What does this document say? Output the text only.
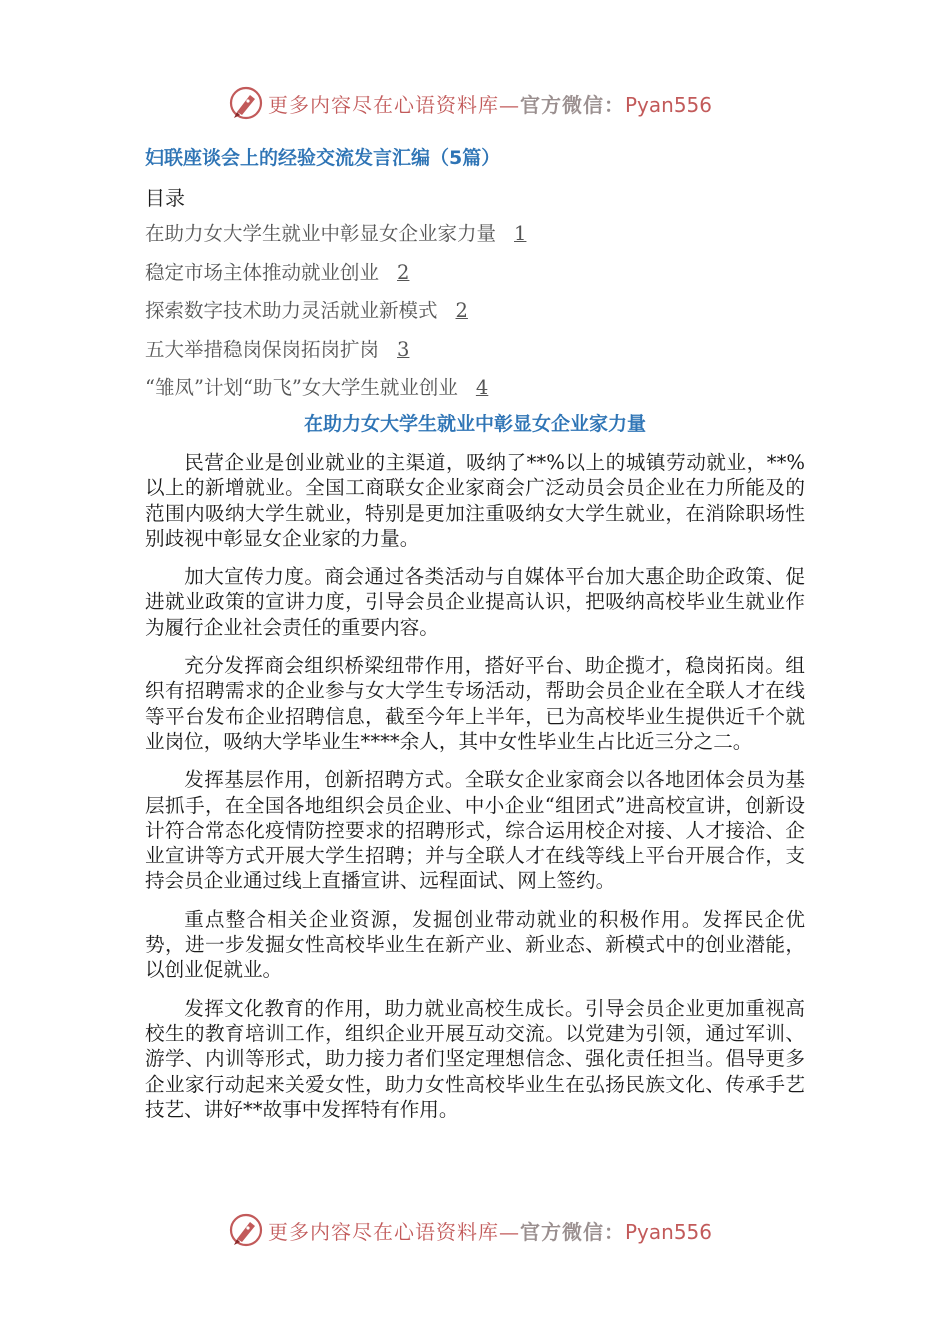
更多内容尽在心语资料库—官方微信：Pyan556
妇联座谈会上的经验交流发言汇编（5篇）
目录
在助力女大学生就业中彰显女企业家力量 1
稳定市场主体推动就业创业 2
探索数字技术助力灵活就业新模式 2
五大举措稳岗保岗拓岗扩岗 3
“雏凤”计划“助飞”女大学生就业创业 4
在助力女大学生就业中彰显女企业家力量

民营企业是创业就业的主渠道，吸纳了**%以上的城镇劳动就业，**%以上的新增就业。全国工商联女企业家商会广泛动员会员企业在力所能及的范围内吸纳大学生就业，特别是更加注重吸纳女大学生就业，在消除职场性别歧视中彰显女企业家的力量。

加大宣传力度。商会通过各类活动与自媒体平台加大惠企助企政策、促进就业政策的宣讲力度，引导会员企业提高认识，把吸纳高校毕业生就业作为履行企业社会责任的重要内容。

充分发挥商会组织桥梁纽带作用，搭好平台、助企揽才，稳岗拓岗。组织有招聘需求的企业参与女大学生专场活动，帮助会员企业在全联人才在线等平台发布企业招聘信息，截至今年上半年，已为高校毕业生提供近千个就业岗位，吸纳大学毕业生****余人，其中女性毕业生占比近三分之二。

发挥基层作用，创新招聘方式。全联女企业家商会以各地团体会员为基层抓手，在全国各地组织会员企业、中小企业“组团式”进高校宣讲，创新设计符合常态化疫情防控要求的招聘形式，综合运用校企对接、人才接洽、企业宣讲等方式开展大学生招聘；并与全联人才在线等线上平台开展合作，支持会员企业通过线上直播宣讲、远程面试、网上签约。

重点整合相关企业资源，发掘创业带动就业的积极作用。发挥民企优势，进一步发掘女性高校毕业生在新产业、新业态、新模式中的创业潜能，以创业促就业。

发挥文化教育的作用，助力就业高校生成长。引导会员企业更加重视高校生的教育培训工作，组织企业开展互动交流。以党建为引领，通过军训、游学、内训等形式，助力接力者们坚定理想信念、强化责任担当。倡导更多企业家行动起来关爱女性，助力女性高校毕业生在弘扬民族文化、传承手艺技艺、讲好**故事中发挥特有作用。

更多内容尽在心语资料库—官方微信：Pyan556
